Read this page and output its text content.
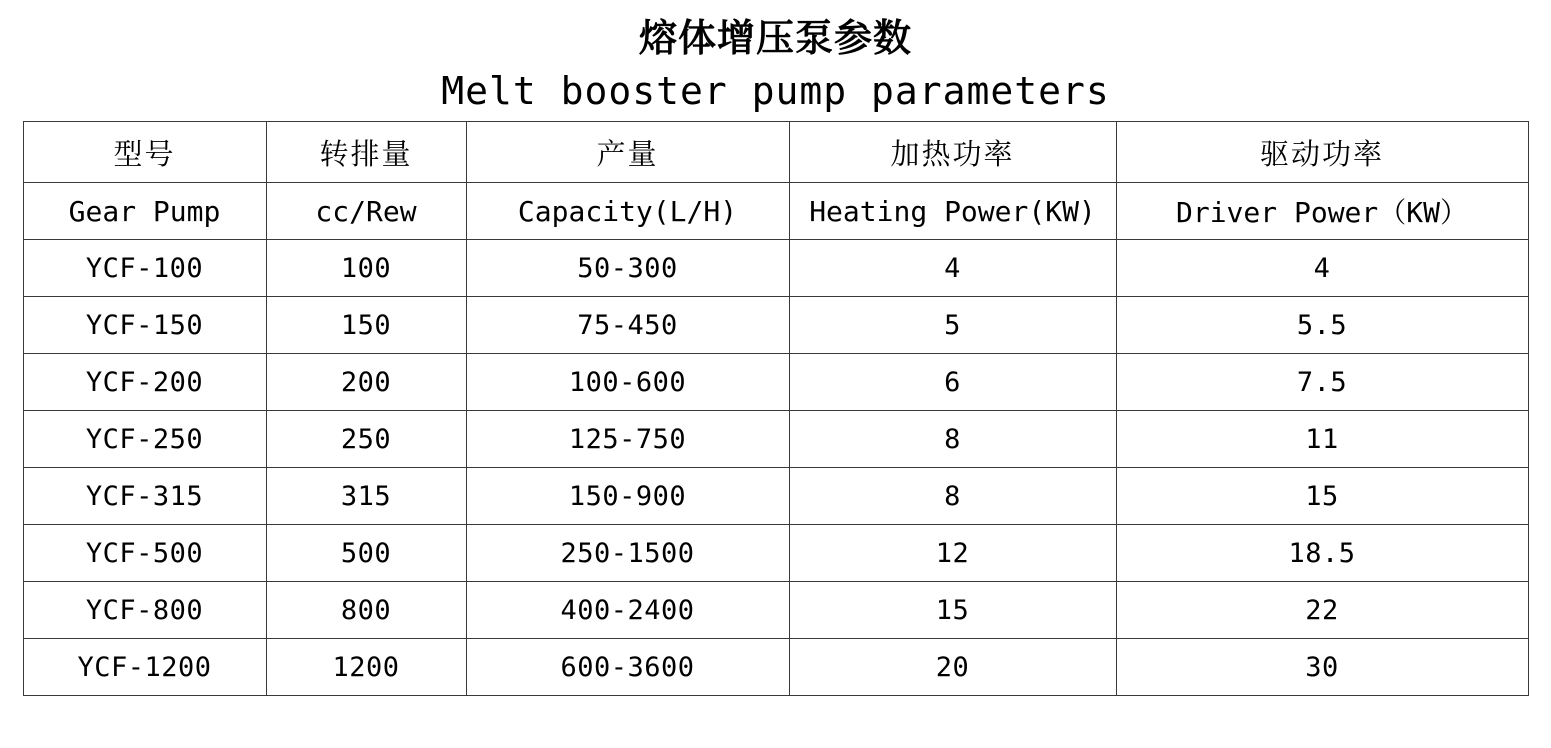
熔体增压泵参数
Melt booster pump parameters
型号	转排量	产量	加热功率	驱动功率
Gear Pump	cc/Rew	Capacity(L/H)	Heating Power(KW)	Driver Power（KW）
YCF-100	100	50-300	4	4
YCF-150	150	75-450	5	5.5
YCF-200	200	100-600	6	7.5
YCF-250	250	125-750	8	11
YCF-315	315	150-900	8	15
YCF-500	500	250-1500	12	18.5
YCF-800	800	400-2400	15	22
YCF-1200	1200	600-3600	20	30
